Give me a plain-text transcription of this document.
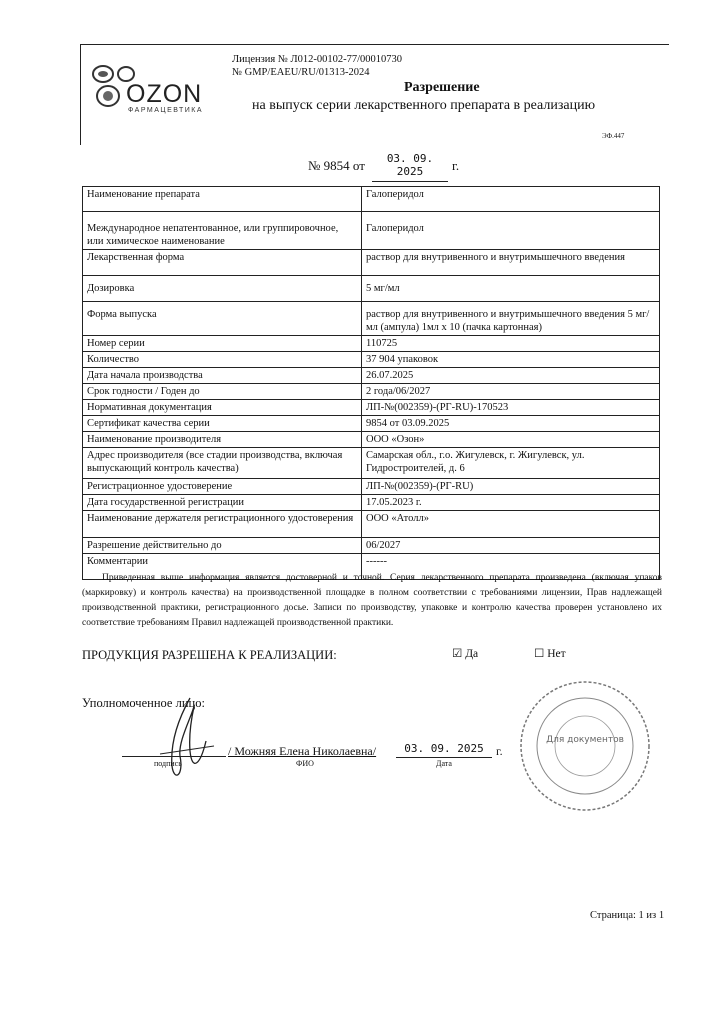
OZON
ФАРМАЦЕВТИКА
Лицензия № Л012-00102-77/00010730
№ GMP/EAEU/RU/01313-2024
Разрешение
на выпуск серии лекарственного препарата в реализацию
ЭФ.447
№ 9854 от	03. 09. 2025	г.
Наименование препарата	Галоперидол
Международное непатентованное, или группировочное, или химическое наименование	Галоперидол
Лекарственная форма	раствор для внутривенного и внутримышечного введения
Дозировка	5 мг/мл
Форма выпуска	раствор для внутривенного и внутримышечного введения 5 мг/мл (ампула) 1мл х 10 (пачка картонная)
Номер серии	110725
Количество	37 904 упаковок
Дата начала производства	26.07.2025
Срок годности / Годен до	2 года/06/2027
Нормативная документация	ЛП-№(002359)-(РГ-RU)-170523
Сертификат качества серии	9854 от 03.09.2025
Наименование производителя	ООО «Озон»
Адрес производителя (все стадии производства, включая выпускающий контроль качества)	Самарская обл., г.о. Жигулевск, г. Жигулевск, ул. Гидростроителей, д. 6
Регистрационное удостоверение	ЛП-№(002359)-(РГ-RU)
Дата государственной регистрации	17.05.2023 г.
Наименование держателя регистрационного удостоверения	ООО «Атолл»
Разрешение действительно до	06/2027
Комментарии	------
Приведенная выше информация является достоверной и точной. Серия лекарственного препарата произведена (включая упаков (маркировку) и контроль качества) на производственной площадке в полном соответствии с требованиями лицензии, Прав надлежащей производственной практики, регистрационного досье. Записи по производству, упаковке и контролю качества проверен установлено их соответствие требованиям Правил надлежащей производственной практики.
ПРОДУКЦИЯ РАЗРЕШЕНА К РЕАЛИЗАЦИИ:	☑ Да	☐ Нет
Уполномоченное лицо:
/ Можняя Елена Николаевна/	03. 09. 2025	г.
подпись	ФИО	Дата
Для документов
Страница: 1 из 1
